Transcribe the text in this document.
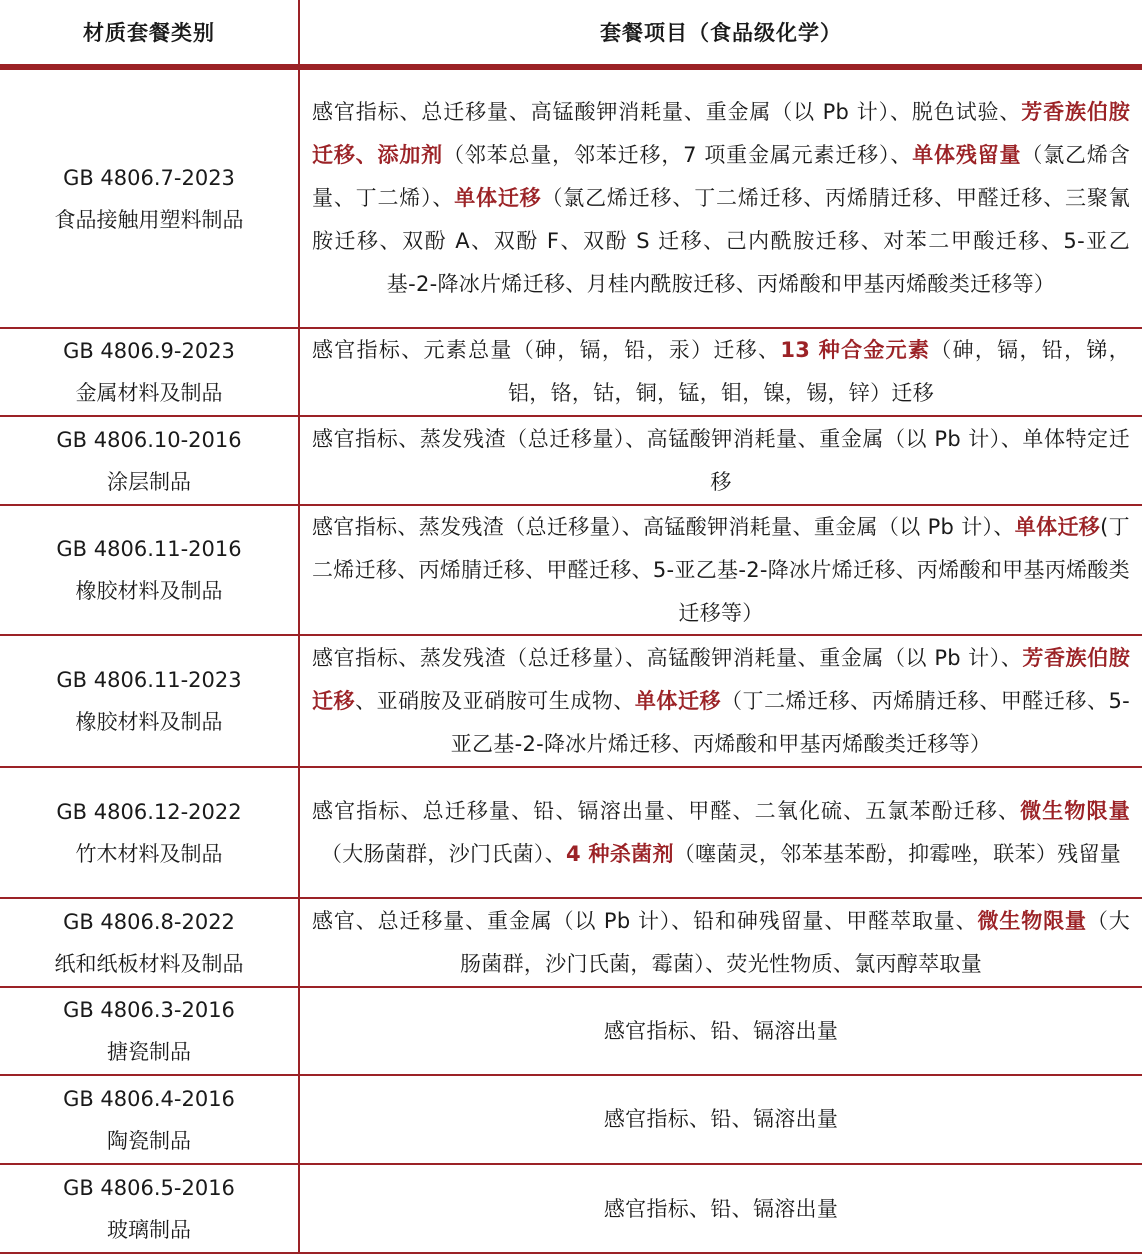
材质套餐类别	套餐项目（食品级化学）
GB 4806.7-2023
食品接触用塑料制品

感官指标、总迁移量、高锰酸钾消耗量、重金属（以 Pb 计）、脱色试验、芳香族伯胺迁移、添加剂（邻苯总量，邻苯迁移，7 项重金属元素迁移）、单体残留量（氯乙烯含量、丁二烯）、单体迁移（氯乙烯迁移、丁二烯迁移、丙烯腈迁移、甲醛迁移、三聚氰胺迁移、双酚 A、双酚 F、双酚 S 迁移、己内酰胺迁移、对苯二甲酸迁移、5-亚乙基-2-降冰片烯迁移、月桂内酰胺迁移、丙烯酸和甲基丙烯酸类迁移等）

GB 4806.9-2023
金属材料及制品

感官指标、元素总量（砷，镉，铅，汞）迁移、13 种合金元素（砷，镉，铅，锑，铝，铬，钴，铜，锰，钼，镍，锡，锌）迁移

GB 4806.10-2016
涂层制品

感官指标、蒸发残渣（总迁移量）、高锰酸钾消耗量、重金属（以 Pb 计）、单体特定迁移

GB 4806.11-2016
橡胶材料及制品

感官指标、蒸发残渣（总迁移量）、高锰酸钾消耗量、重金属（以 Pb 计）、单体迁移(丁二烯迁移、丙烯腈迁移、甲醛迁移、5-亚乙基-2-降冰片烯迁移、丙烯酸和甲基丙烯酸类迁移等）

GB 4806.11-2023
橡胶材料及制品

感官指标、蒸发残渣（总迁移量）、高锰酸钾消耗量、重金属（以 Pb 计）、芳香族伯胺迁移、亚硝胺及亚硝胺可生成物、单体迁移（丁二烯迁移、丙烯腈迁移、甲醛迁移、5-亚乙基-2-降冰片烯迁移、丙烯酸和甲基丙烯酸类迁移等）

GB 4806.12-2022
竹木材料及制品

感官指标、总迁移量、铅、镉溶出量、甲醛、二氧化硫、五氯苯酚迁移、微生物限量（大肠菌群，沙门氏菌）、4 种杀菌剂（噻菌灵，邻苯基苯酚，抑霉唑，联苯）残留量

GB 4806.8-2022
纸和纸板材料及制品

感官、总迁移量、重金属（以 Pb 计）、铅和砷残留量、甲醛萃取量、微生物限量（大肠菌群，沙门氏菌，霉菌）、荧光性物质、氯丙醇萃取量

GB 4806.3-2016
搪瓷制品

感官指标、铅、镉溶出量

GB 4806.4-2016
陶瓷制品

感官指标、铅、镉溶出量

GB 4806.5-2016
玻璃制品

感官指标、铅、镉溶出量
